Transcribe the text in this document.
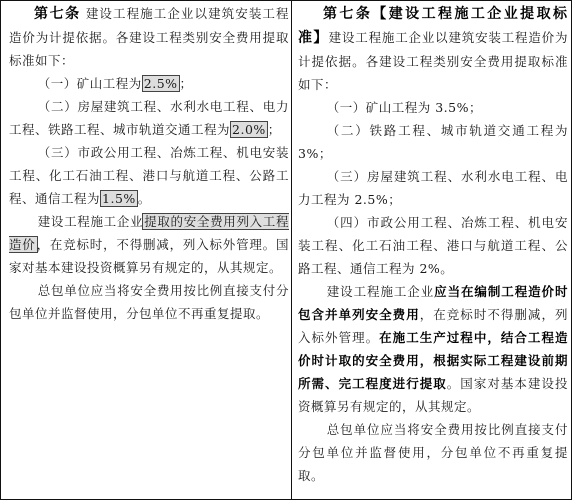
第七条 建设工程施工企业以建筑安装工程造价为计提依据。各建设工程类别安全费用提取标准如下：

（一）矿山工程为 2.5% ；

（二）房屋建筑工程、水利水电工程、电力工程、铁路工程、城市轨道交通工程为 2.0% ；

（三）市政公用工程、冶炼工程、机电安装工程、化工石油工程、港口与航道工程、公路工程、通信工程为 1.5% 。

建设工程施工企业提取的安全费用列入工程造价，在竞标时，不得删减，列入标外管理。国家对基本建设投资概算另有规定的，从其规定。

总包单位应当将安全费用按比例直接支付分包单位并监督使用，分包单位不再重复提取。

第七条【建设工程施工企业提取标准】建设工程施工企业以建筑安装工程造价为计提依据。各建设工程类别安全费用提取标准如下：

（一）矿山工程为 3.5%；

（二）铁路工程、城市轨道交通工程为 3%；

（三）房屋建筑工程、水利水电工程、电力工程为 2.5%；

（四）市政公用工程、冶炼工程、机电安装工程、化工石油工程、港口与航道工程、公路工程、通信工程为 2%。

建设工程施工企业应当在编制工程造价时包含并单列安全费用，在竞标时不得删减，列入标外管理。在施工生产过程中，结合工程造价时计取的安全费用，根据实际工程建设前期所需、完工程度进行提取。国家对基本建设投资概算另有规定的，从其规定。

总包单位应当将安全费用按比例直接支付分包单位并监督使用，分包单位不再重复提取。
